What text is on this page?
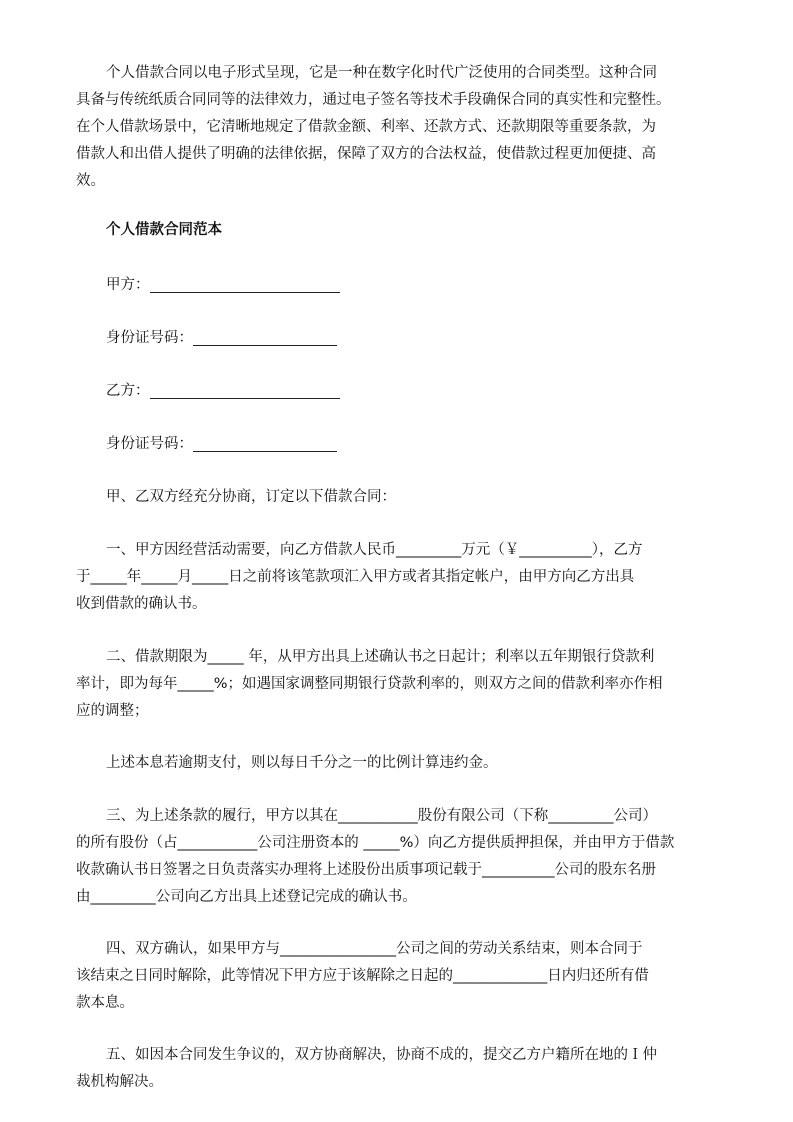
个人借款合同以电子形式呈现，它是一种在数字化时代广泛使用的合同类型。这种合同
具备与传统纸质合同同等的法律效力，通过电子签名等技术手段确保合同的真实性和完整性。
在个人借款场景中，它清晰地规定了借款金额、利率、还款方式、还款期限等重要条款，为
借款人和出借人提供了明确的法律依据，保障了双方的合法权益，使借款过程更加便捷、高
效。
个人借款合同范本
甲方：
身份证号码：
乙方：
身份证号码：
甲、乙双方经充分协商，订定以下借款合同：
一、甲方因经营活动需要，向乙方借款人民币_________万元（￥__________），乙方
于_____年_____月_____日之前将该笔款项汇入甲方或者其指定帐户，由甲方向乙方出具
收到借款的确认书。
二、借款期限为_____ 年，从甲方出具上述确认书之日起计；利率以五年期银行贷款利
率计，即为每年_____%；如遇国家调整同期银行贷款利率的，则双方之间的借款利率亦作相
应的调整；
上述本息若逾期支付，则以每日千分之一的比例计算违约金。
三、为上述条款的履行，甲方以其在___________股份有限公司（下称_________公司）
的所有股份（占___________公司注册资本的 _____%）向乙方提供质押担保，并由甲方于借款
收款确认书日签署之日负责落实办理将上述股份出质事项记载于__________公司的股东名册
由_________公司向乙方出具上述登记完成的确认书。
四、双方确认，如果甲方与________________公司之间的劳动关系结束，则本合同于
该结束之日同时解除，此等情况下甲方应于该解除之日起的_____________日内归还所有借
款本息。
五、如因本合同发生争议的，双方协商解决，协商不成的，提交乙方户籍所在地的Ｉ仲
裁机构解决。
